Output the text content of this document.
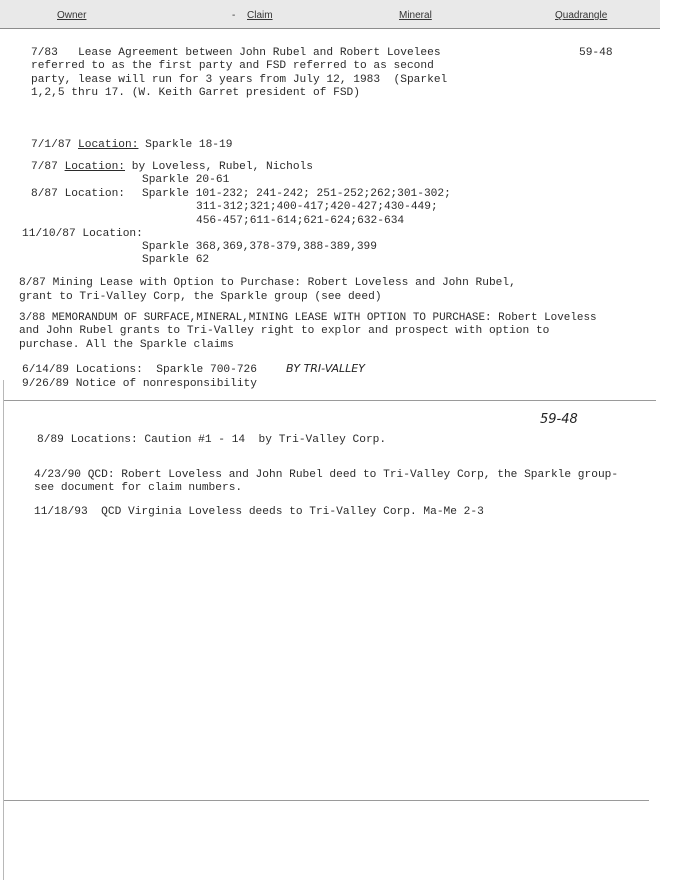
Owner	- Claim	Mineral	Quadrangle
7/83   Lease Agreement between John Rubel and Robert Lovelees
referred to as the first party and FSD referred to as second
party, lease will run for 3 years from July 12, 1983  (Sparkel
1,2,5 thru 17. (W. Keith Garret president of FSD)
59-48
7/1/87 Location: Sparkle 18-19
7/87 Location: by Loveless, Rubel, Nichols
Sparkle 20-61
8/87 Location: Sparkle 101-232; 241-242; 251-252;262;301-302;
311-312;321;400-417;420-427;430-449;
456-457;611-614;621-624;632-634
11/10/87 Location:
Sparkle 368,369,378-379,388-389,399
Sparkle 62
8/87 Mining Lease with Option to Purchase: Robert Loveless and John Rubel,
grant to Tri-Valley Corp, the Sparkle group (see deed)
3/88 MEMORANDUM OF SURFACE,MINERAL,MINING LEASE WITH OPTION TO PURCHASE: Robert Loveless
and John Rubel grants to Tri-Valley right to explor and prospect with option to
purchase. All the Sparkle claims
6/14/89 Locations:  Sparkle 700-726	BY TRI-VALLEY
9/26/89 Notice of nonresponsibility
59-48
8/89 Locations: Caution #1 - 14  by Tri-Valley Corp.
4/23/90 QCD: Robert Loveless and John Rubel deed to Tri-Valley Corp, the Sparkle group-
see document for claim numbers.
11/18/93  QCD Virginia Loveless deeds to Tri-Valley Corp. Ma-Me 2-3
